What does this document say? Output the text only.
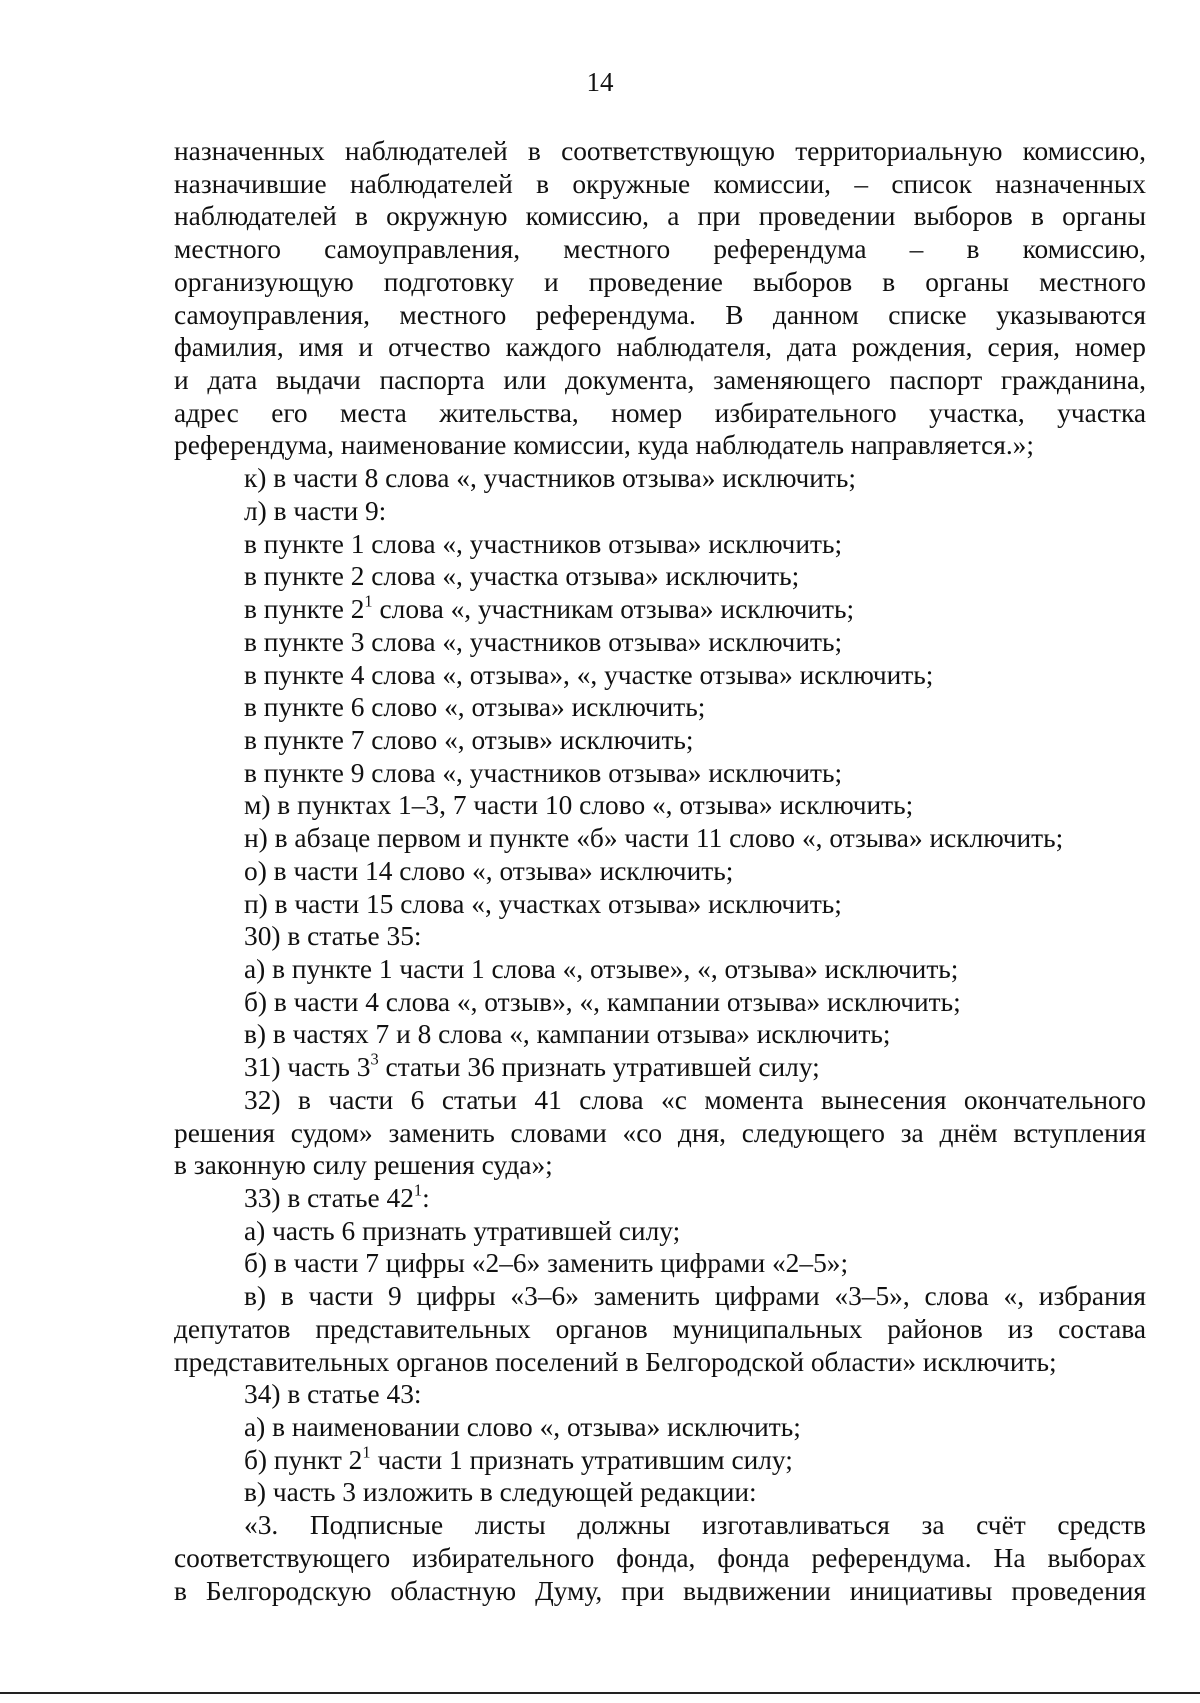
14
назначенных наблюдателей в соответствующую территориальную комиссию,
назначившие наблюдателей в окружные комиссии, – список назначенных
наблюдателей в окружную комиссию, а при проведении выборов в органы
местного самоуправления, местного референдума – в комиссию,
организующую подготовку и проведение выборов в органы местного
самоуправления, местного референдума. В данном списке указываются
фамилия, имя и отчество каждого наблюдателя, дата рождения, серия, номер
и дата выдачи паспорта или документа, заменяющего паспорт гражданина,
адрес его места жительства, номер избирательного участка, участка
референдума, наименование комиссии, куда наблюдатель направляется.»;
к) в части 8 слова «, участников отзыва» исключить;
л) в части 9:
в пункте 1 слова «, участников отзыва» исключить;
в пункте 2 слова «, участка отзыва» исключить;
в пункте $2^1$ слова «, участникам отзыва» исключить;
в пункте 3 слова «, участников отзыва» исключить;
в пункте 4 слова «, отзыва», «, участке отзыва» исключить;
в пункте 6 слово «, отзыва» исключить;
в пункте 7 слово «, отзыв» исключить;
в пункте 9 слова «, участников отзыва» исключить;
м) в пунктах 1–3, 7 части 10 слово «, отзыва» исключить;
н) в абзаце первом и пункте «б» части 11 слово «, отзыва» исключить;
о) в части 14 слово «, отзыва» исключить;
п) в части 15 слова «, участках отзыва» исключить;
30) в статье 35:
а) в пункте 1 части 1 слова «, отзыве», «, отзыва» исключить;
б) в части 4 слова «, отзыв», «, кампании отзыва» исключить;
в) в частях 7 и 8 слова «, кампании отзыва» исключить;
31) часть $3^3$ статьи 36 признать утратившей силу;
32) в части 6 статьи 41 слова «с момента вынесения окончательного
решения судом» заменить словами «со дня, следующего за днём вступления
в законную силу решения суда»;
33) в статье $42^1$:
а) часть 6 признать утратившей силу;
б) в части 7 цифры «2–6» заменить цифрами «2–5»;
в) в части 9 цифры «3–6» заменить цифрами «3–5», слова «, избрания
депутатов представительных органов муниципальных районов из состава
представительных органов поселений в Белгородской области» исключить;
34) в статье 43:
а) в наименовании слово «, отзыва» исключить;
б) пункт $2^1$ части 1 признать утратившим силу;
в) часть 3 изложить в следующей редакции:
«3. Подписные листы должны изготавливаться за счёт средств
соответствующего избирательного фонда, фонда референдума. На выборах
в Белгородскую областную Думу, при выдвижении инициативы проведения
